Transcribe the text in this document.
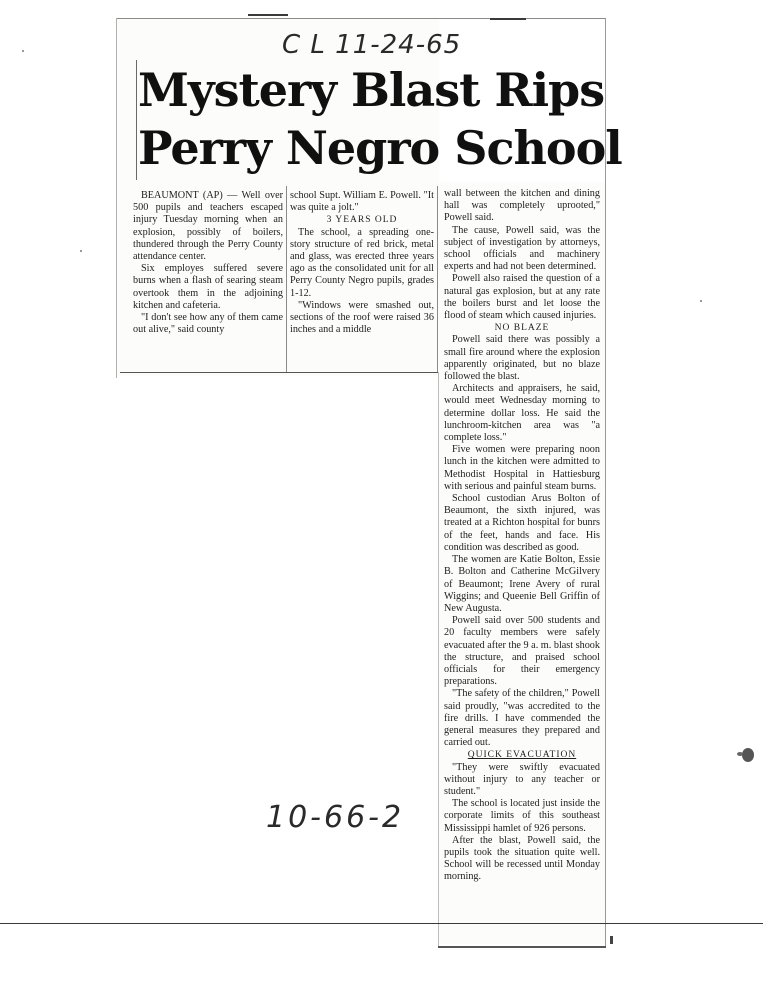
C L 11-24-65
10-66-2
Mystery Blast Rips
Perry Negro School

BEAUMONT (AP) — Well over 500 pupils and teachers escaped injury Tuesday morning when an explosion, possibly of boilers, thundered through the Perry County attendance center.

Six employes suffered severe burns when a flash of searing steam overtook them in the adjoining kitchen and cafeteria.

"I don't see how any of them came out alive," said county

school Supt. William E. Powell. "It was quite a jolt."

3 YEARS OLD

The school, a spreading one-story structure of red brick, metal and glass, was erected three years ago as the consolidated unit for all Perry County Negro pupils, grades 1-12.

"Windows were smashed out, sections of the roof were raised 36 inches and a middle

wall between the kitchen and dining hall was completely uprooted," Powell said.

The cause, Powell said, was the subject of investigation by attorneys, school officials and machinery experts and had not been determined.

Powell also raised the question of a natural gas explosion, but at any rate the boilers burst and let loose the flood of steam which caused injuries.

NO BLAZE

Powell said there was possibly a small fire around where the explosion apparently originated, but no blaze followed the blast.

Architects and appraisers, he said, would meet Wednesday morning to determine dollar loss. He said the lunchroom-kitchen area was "a complete loss."

Five women were preparing noon lunch in the kitchen were admitted to Methodist Hospital in Hattiesburg with serious and painful steam burns.

School custodian Arus Bolton of Beaumont, the sixth injured, was treated at a Richton hospital for bunrs of the feet, hands and face. His condition was described as good.

The women are Katie Bolton, Essie B. Bolton and Catherine McGilvery of Beaumont; Irene Avery of rural Wiggins; and Queenie Bell Griffin of New Augusta.

Powell said over 500 students and 20 faculty members were safely evacuated after the 9 a. m. blast shook the structure, and praised school officials for their emergency preparations.

"The safety of the children," Powell said proudly, "was accredited to the fire drills. I have commended the general measures they prepared and carried out.

QUICK EVACUATION

"They were swiftly evacuated without injury to any teacher or student."

The school is located just inside the corporate limits of this southeast Mississippi hamlet of 926 persons.

After the blast, Powell said, the pupils took the situation quite well. School will be recessed until Monday morning.
